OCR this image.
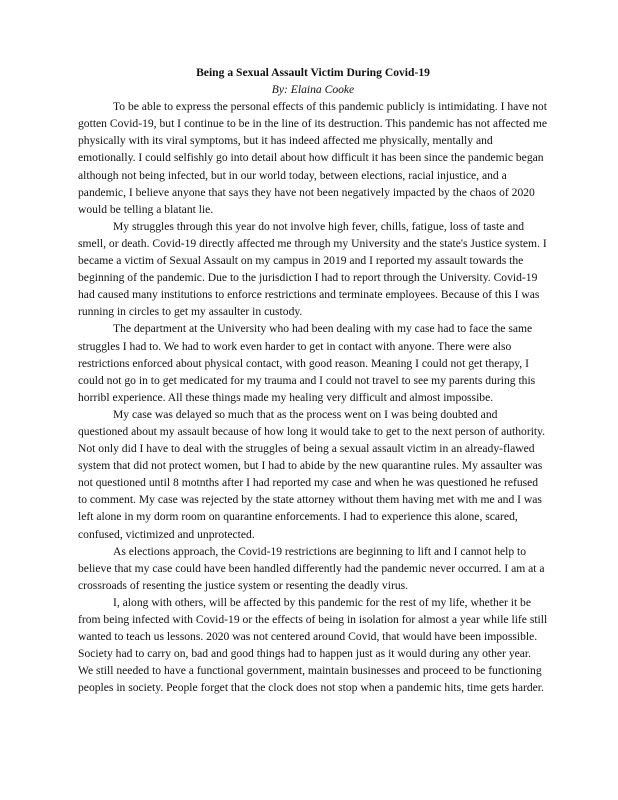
Being a Sexual Assault Victim During Covid-19

By: Elaina Cooke

To be able to express the personal effects of this pandemic publicly is intimidating. I have not gotten Covid-19, but I continue to be in the line of its destruction. This pandemic has not affected me physically with its viral symptoms, but it has indeed affected me physically, mentally and emotionally. I could selfishly go into detail about how difficult it has been since the pandemic began although not being infected, but in our world today, between elections, racial injustice, and a pandemic, I believe anyone that says they have not been negatively impacted by the chaos of 2020 would be telling a blatant lie.

My struggles through this year do not involve high fever, chills, fatigue, loss of taste and smell, or death. Covid-19 directly affected me through my University and the state's Justice system. I became a victim of Sexual Assault on my campus in 2019 and I reported my assault towards the beginning of the pandemic. Due to the jurisdiction I had to report through the University. Covid-19 had caused many institutions to enforce restrictions and terminate employees. Because of this I was running in circles to get my assaulter in custody.

The department at the University who had been dealing with my case had to face the same struggles I had to. We had to work even harder to get in contact with anyone. There were also restrictions enforced about physical contact, with good reason. Meaning I could not get therapy, I could not go in to get medicated for my trauma and I could not travel to see my parents during this horribl experience. All these things made my healing very difficult and almost impossibe.

My case was delayed so much that as the process went on I was being doubted and questioned about my assault because of how long it would take to get to the next person of authority. Not only did I have to deal with the struggles of being a sexual assault victim in an already-flawed system that did not protect women, but I had to abide by the new quarantine rules. My assaulter was not questioned until 8 motnths after I had reported my case and when he was questioned he refused to comment. My case was rejected by the state attorney without them having met with me and I was left alone in my dorm room on quarantine enforcements. I had to experience this alone, scared, confused, victimized and unprotected.

As elections approach, the Covid-19 restrictions are beginning to lift and I cannot help to believe that my case could have been handled differently had the pandemic never occurred. I am at a crossroads of resenting the justice system or resenting the deadly virus.

I, along with others, will be affected by this pandemic for the rest of my life, whether it be from being infected with Covid-19 or the effects of being in isolation for almost a year while life still wanted to teach us lessons. 2020 was not centered around Covid, that would have been impossible. Society had to carry on, bad and good things had to happen just as it would during any other year. We still needed to have a functional government, maintain businesses and proceed to be functioning peoples in society. People forget that the clock does not stop when a pandemic hits, time gets harder.
